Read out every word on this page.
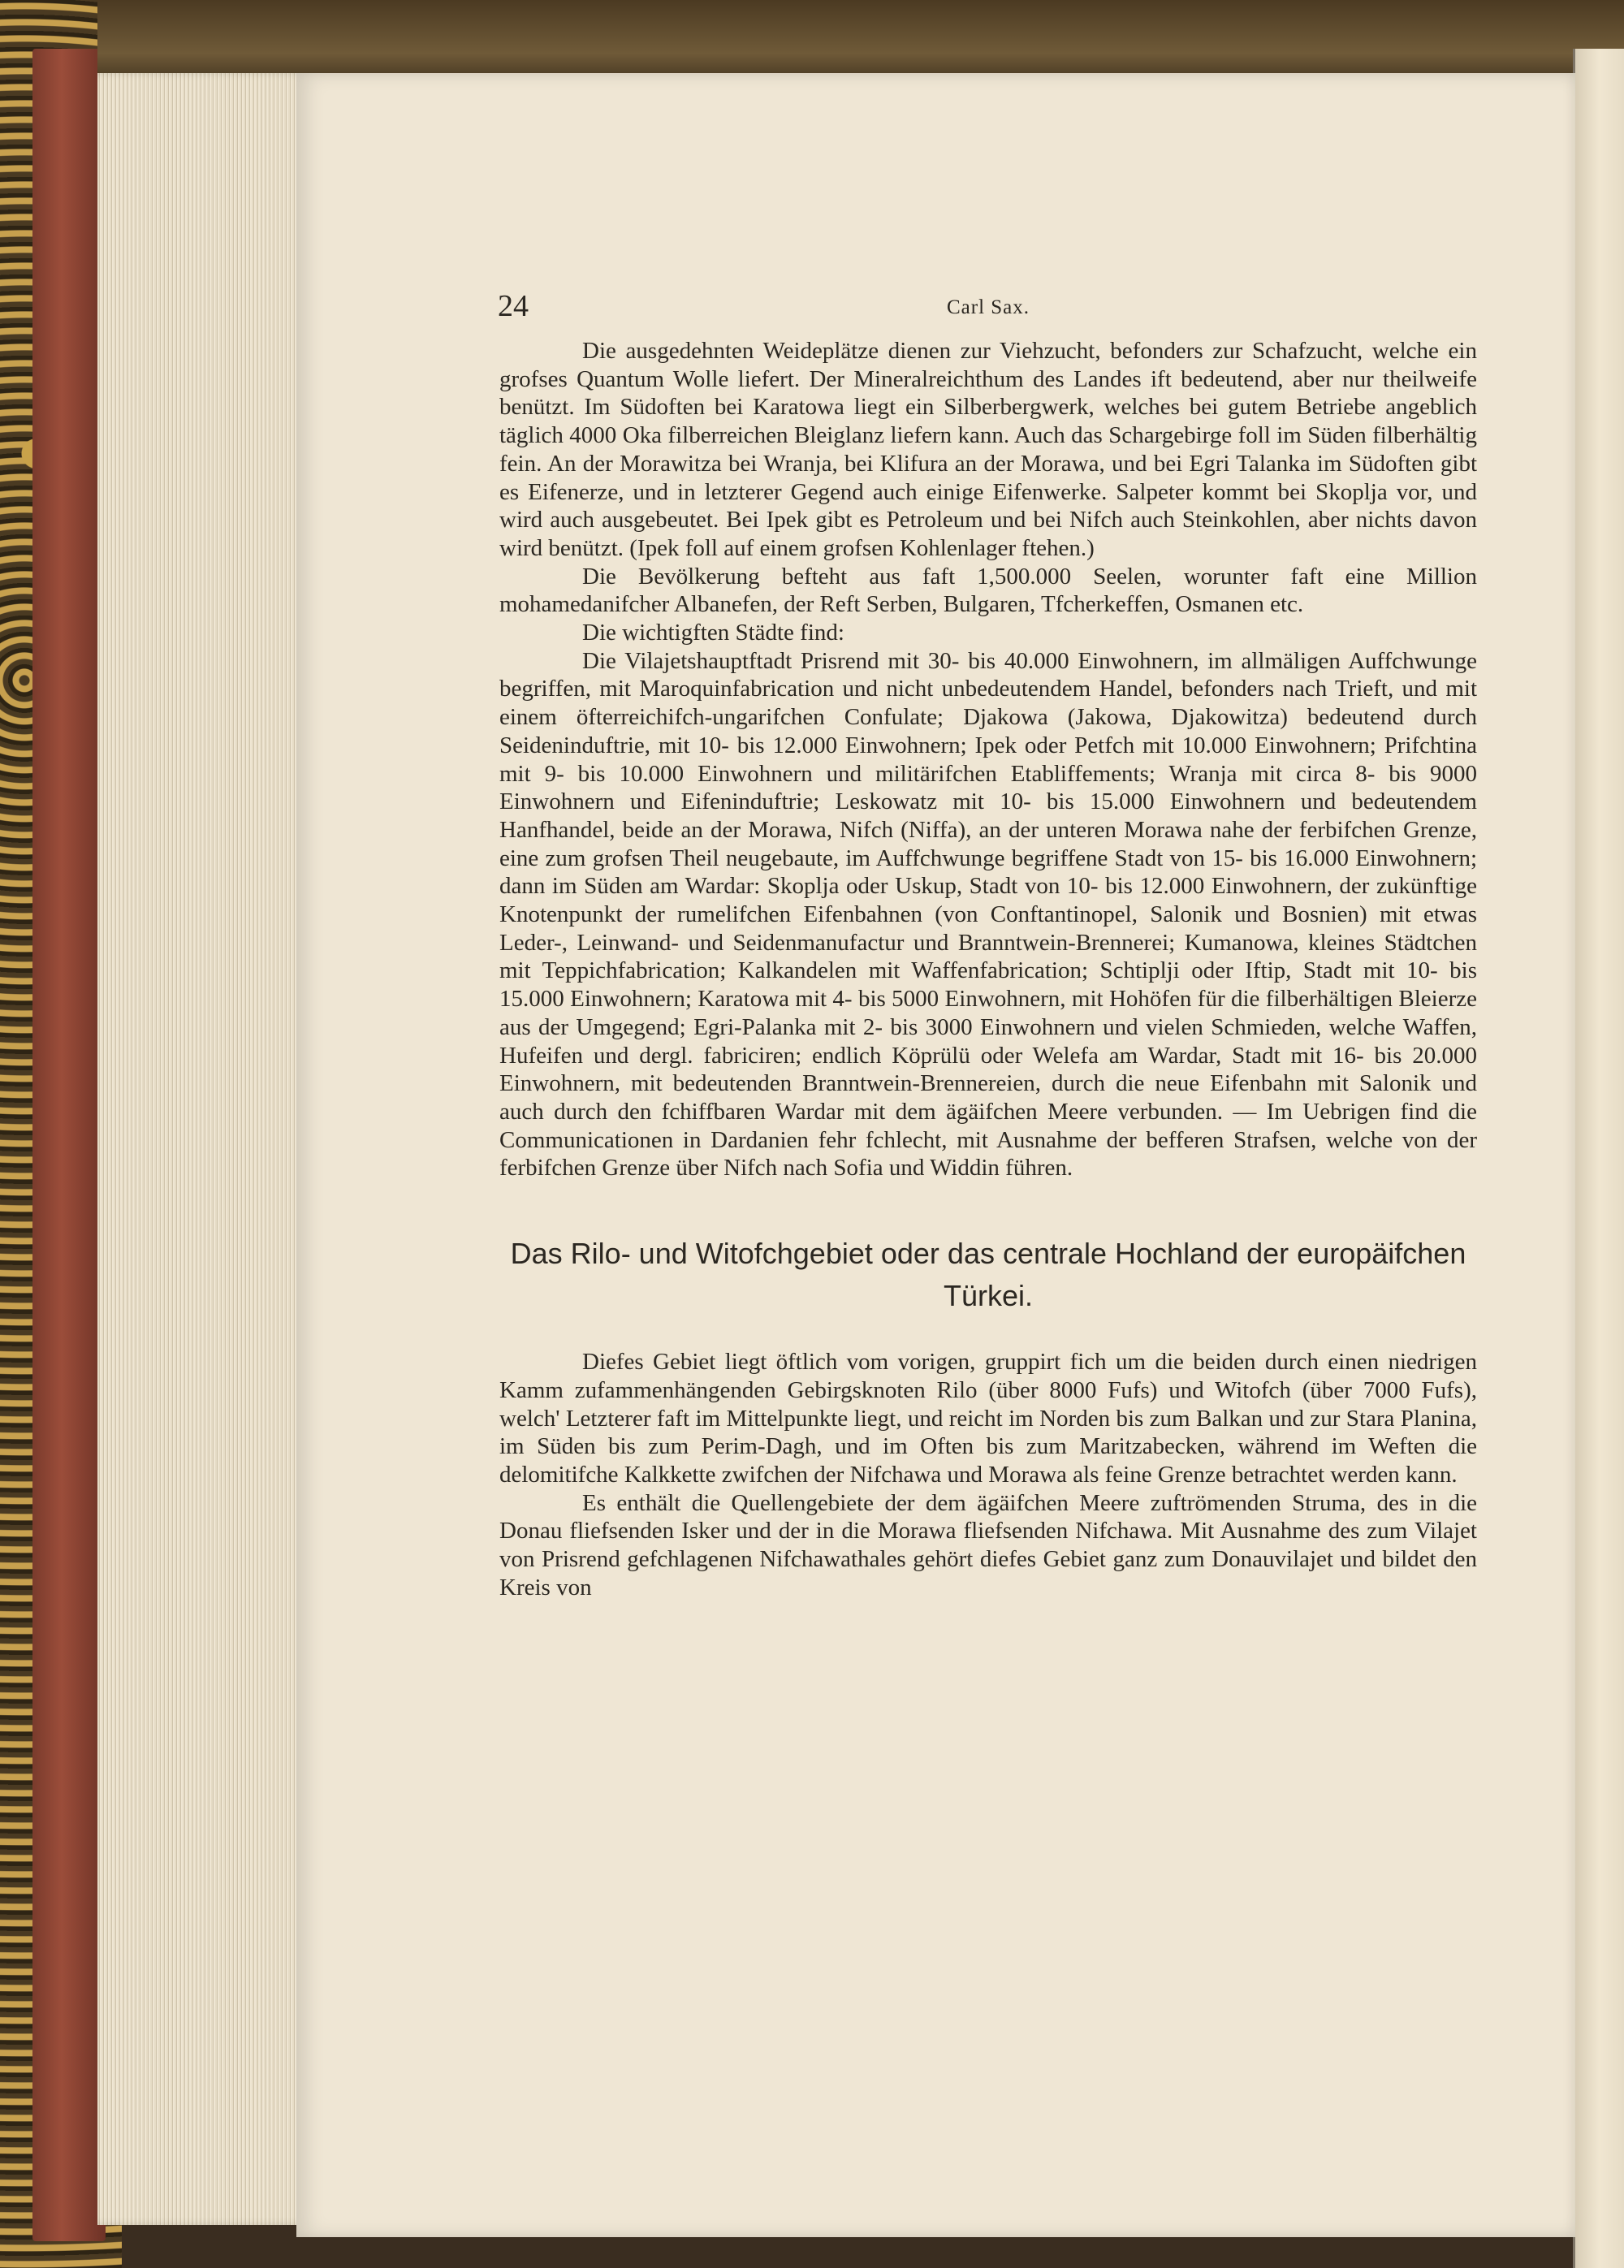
24	Carl Sax.

Die ausgedehnten Weideplätze dienen zur Viehzucht, befonders zur Schafzucht, welche ein grofses Quantum Wolle liefert. Der Mineralreichthum des Landes ift bedeutend, aber nur theilweife benützt. Im Südoften bei Karatowa liegt ein Silberbergwerk, welches bei gutem Betriebe angeblich täglich 4000 Oka filberreichen Bleiglanz liefern kann. Auch das Schargebirge foll im Süden filberhältig fein. An der Morawitza bei Wranja, bei Klifura an der Morawa, und bei Egri Talanka im Südoften gibt es Eifenerze, und in letzterer Gegend auch einige Eifenwerke. Salpeter kommt bei Skoplja vor, und wird auch ausgebeutet. Bei Ipek gibt es Petroleum und bei Nifch auch Steinkohlen, aber nichts davon wird benützt. (Ipek foll auf einem grofsen Kohlenlager ftehen.)

Die Bevölkerung befteht aus faft 1,500.000 Seelen, worunter faft eine Million mohamedanifcher Albanefen, der Reft Serben, Bulgaren, Tfcherkeffen, Osmanen etc.

Die wichtigften Städte find:

Die Vilajetshauptftadt Prisrend mit 30- bis 40.000 Einwohnern, im allmäligen Auffchwunge begriffen, mit Maroquinfabrication und nicht unbedeutendem Handel, befonders nach Trieft, und mit einem öfterreichifch-ungarifchen Confulate; Djakowa (Jakowa, Djakowitza) bedeutend durch Seideninduftrie, mit 10- bis 12.000 Einwohnern; Ipek oder Petfch mit 10.000 Einwohnern; Prifchtina mit 9- bis 10.000 Einwohnern und militärifchen Etabliffements; Wranja mit circa 8- bis 9000 Einwohnern und Eifeninduftrie; Leskowatz mit 10- bis 15.000 Einwohnern und bedeutendem Hanfhandel, beide an der Morawa, Nifch (Niffa), an der unteren Morawa nahe der ferbifchen Grenze, eine zum grofsen Theil neugebaute, im Auffchwunge begriffene Stadt von 15- bis 16.000 Einwohnern; dann im Süden am Wardar: Skoplja oder Uskup, Stadt von 10- bis 12.000 Einwohnern, der zukünftige Knotenpunkt der rumelifchen Eifenbahnen (von Conftantinopel, Salonik und Bosnien) mit etwas Leder-, Leinwand- und Seidenmanufactur und Branntwein-Brennerei; Kumanowa, kleines Städtchen mit Teppichfabrication; Kalkandelen mit Waffenfabrication; Schtiplji oder Iftip, Stadt mit 10- bis 15.000 Einwohnern; Karatowa mit 4- bis 5000 Einwohnern, mit Hohöfen für die filberhältigen Bleierze aus der Umgegend; Egri-Palanka mit 2- bis 3000 Einwohnern und vielen Schmieden, welche Waffen, Hufeifen und dergl. fabriciren; endlich Köprülü oder Welefa am Wardar, Stadt mit 16- bis 20.000 Einwohnern, mit bedeutenden Branntwein-Brennereien, durch die neue Eifenbahn mit Salonik und auch durch den fchiffbaren Wardar mit dem ägäifchen Meere verbunden. — Im Uebrigen find die Communicationen in Dardanien fehr fchlecht, mit Ausnahme der befferen Strafsen, welche von der ferbifchen Grenze über Nifch nach Sofia und Widdin führen.

Das Rilo- und Witofchgebiet oder das centrale Hochland der europäifchen Türkei.

Diefes Gebiet liegt öftlich vom vorigen, gruppirt fich um die beiden durch einen niedrigen Kamm zufammenhängenden Gebirgsknoten Rilo (über 8000 Fufs) und Witofch (über 7000 Fufs), welch' Letzterer faft im Mittelpunkte liegt, und reicht im Norden bis zum Balkan und zur Stara Planina, im Süden bis zum Perim-Dagh, und im Often bis zum Maritzabecken, während im Weften die delomitifche Kalkkette zwifchen der Nifchawa und Morawa als feine Grenze betrachtet werden kann.

Es enthält die Quellengebiete der dem ägäifchen Meere zuftrömenden Struma, des in die Donau fliefsenden Isker und der in die Morawa fliefsenden Nifchawa. Mit Ausnahme des zum Vilajet von Prisrend gefchlagenen Nifchawathales gehört diefes Gebiet ganz zum Donauvilajet und bildet den Kreis von
